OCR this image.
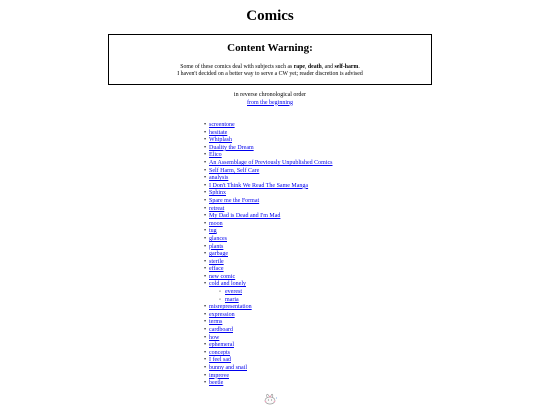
Comics
Content Warning:
Some of these comics deal with subjects such as rape, death, and self-harm.
I haven't decided on a better way to serve a CW yet; reader discretion is advised
in reverse chronological order
from the beginning
• screentone
• hesitate
• Whiplash
• Duality the Dream
• Elico
• An Assemblage of Previously Unpublished Comics
• Self Harm, Self Care
• analysis
• I Don't Think We Read The Same Manga
• Sphinx
• Spare me the Format
• retreat
• My Dad is Dead and I'm Mad
• moon
• tug
• glances
• plants
• garbage
• sterile
• efface
• new comic
• cold and lonely
◦ everest
◦ maria
• misrepresentation
• expression
• terms
• cardboard
• how
• ephemeral
• concepts
• I feel sad
• bunny and snail
• improve
• beetle
